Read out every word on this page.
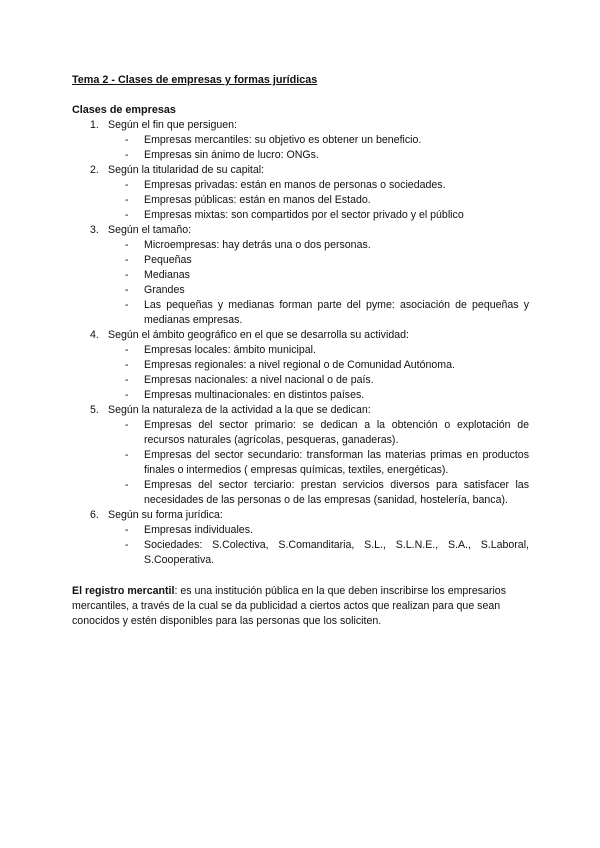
Tema 2 - Clases de empresas y formas jurídicas

Clases de empresas

1. Según el fin que persiguen:
- Empresas mercantiles: su objetivo es obtener un beneficio.
- Empresas sin ánimo de lucro: ONGs.
2. Según la titularidad de su capital:
- Empresas privadas: están en manos de personas o sociedades.
- Empresas públicas: están en manos del Estado.
- Empresas mixtas: son compartidos por el sector privado y el público
3. Según el tamaño:
- Microempresas: hay detrás una o dos personas.
- Pequeñas
- Medianas
- Grandes
- Las pequeñas y medianas forman parte del pyme: asociación de pequeñas y medianas empresas.
4. Según el ámbito geográfico en el que se desarrolla su actividad:
- Empresas locales: ámbito municipal.
- Empresas regionales: a nivel regional o de Comunidad Autónoma.
- Empresas nacionales: a nivel nacional o de país.
- Empresas multinacionales: en distintos países.
5. Según la naturaleza de la actividad a la que se dedican:
- Empresas del sector primario: se dedican a la obtención o explotación de recursos naturales (agrícolas, pesqueras, ganaderas).
- Empresas del sector secundario: transforman las materias primas en productos finales o intermedios ( empresas químicas, textiles, energéticas).
- Empresas del sector terciario: prestan servicios diversos para satisfacer las necesidades de las personas o de las empresas (sanidad, hostelería, banca).
6. Según su forma jurídica:
- Empresas individuales.
- Sociedades: S.Colectiva, S.Comanditaria, S.L., S.L.N.E., S.A., S.Laboral, S.Cooperativa.

El registro mercantil: es una institución pública en la que deben inscribirse los empresarios mercantiles, a través de la cual se da publicidad a ciertos actos que realizan para que sean conocidos y estén disponibles para las personas que los soliciten.
